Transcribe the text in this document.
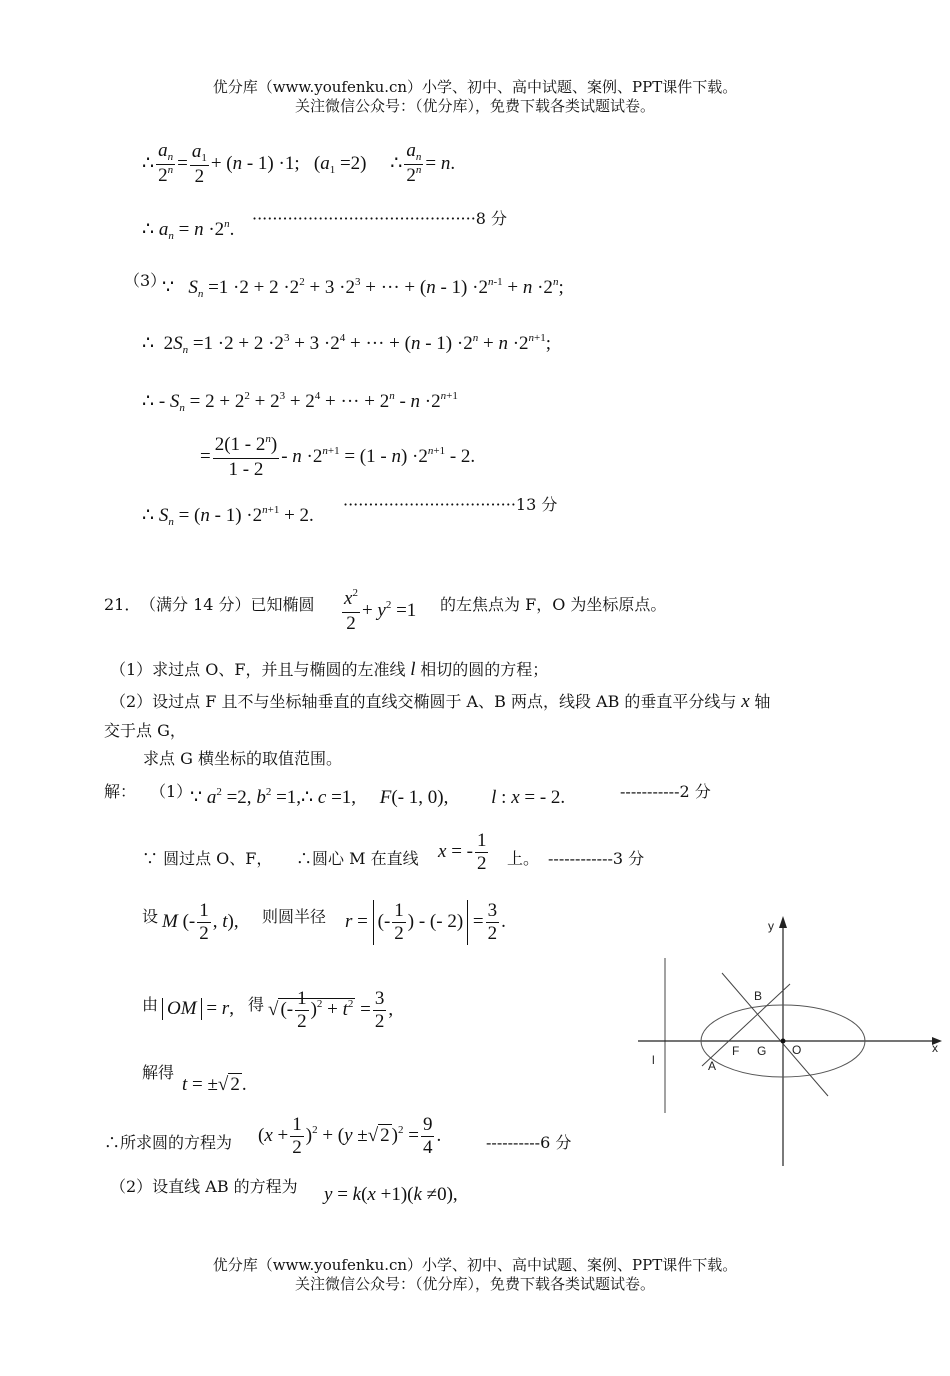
优分库（www.youfenku.cn）小学、初中、高中试题、案例、PPT课件下载。
关注微信公众号：（优分库），免费下载各类试题试卷。
∴ $\frac{a_n}{2^n} = \frac{a_1}{2} + (n - 1) \cdot 1$;   $(a_1 =2)$     ∴ $\frac{a_n}{2^n} = n$.
∴ $a_n = n \cdot 2^n$.
············································8 分
（3）
∵   $S_n =1 \cdot 2 + 2 \cdot 2^2 + 3 \cdot 2^3$ + ··· + $(n - 1) \cdot 2^{n-1} + n \cdot 2^n$;
∴  $2S_n =1 \cdot 2 + 2 \cdot 2^3 + 3 \cdot 2^4$ + ··· + $(n - 1) \cdot 2^n + n \cdot 2^{n+1}$;
∴ - $S_n = 2 + 2^2 + 2^3 + 2^4$ + ··· + $2^n - n \cdot 2^{n+1}$
= $\frac{2(1 - 2^n)}{1 - 2} - n \cdot 2^{n+1} = (1 - n) \cdot 2^{n+1} - 2$.
∴ $S_n = (n - 1) \cdot 2^{n+1} + 2$.
··································13 分
21． （满分 14 分）已知椭圆 $\frac{x^2}{2} + y^2 =1$ 的左焦点为 F，O 为坐标原点。
（1）求过点 O、F，并且与椭圆的左准线 l 相切的圆的方程；
（2）设过点 F 且不与坐标轴垂直的直线交椭圆于 A、B 两点，线段 AB 的垂直平分线与 x 轴
交于点 G，
求点 G 横坐标的取值范围。
解： （1）
∵ $a^2 =2$, $b^2$ =1,∴ c =1,     F(- 1, 0),         l : x = - 2.	-----------2 分
∵ 圆过点 O、F， ∴圆心 M 在直线 x = - $\frac{1}{2}$ 上。 ------------3 分
设 M (- $\frac{1}{2}$ , t), 则圆半径 r = (- $\frac{1}{2}$ ) - (- $2) = \frac{3}{2}$ .
由 OM = r, 得 √ (- $\frac{1}{2} )^2 + t^2 = \frac{3}{2}$ ,
解得
t = ±√ 2 .
∴所求圆的方程为 $(x + \frac{1}{2} )^2 + (y$ ±√ 2 )$^2 = \frac{9}{4}$ .	----------6 分
（2）设直线 AB 的方程为 y = k(x +1)(k ≠0),
y
x
B
A
F G O
l
优分库（www.youfenku.cn）小学、初中、高中试题、案例、PPT课件下载。
关注微信公众号：（优分库），免费下载各类试题试卷。
